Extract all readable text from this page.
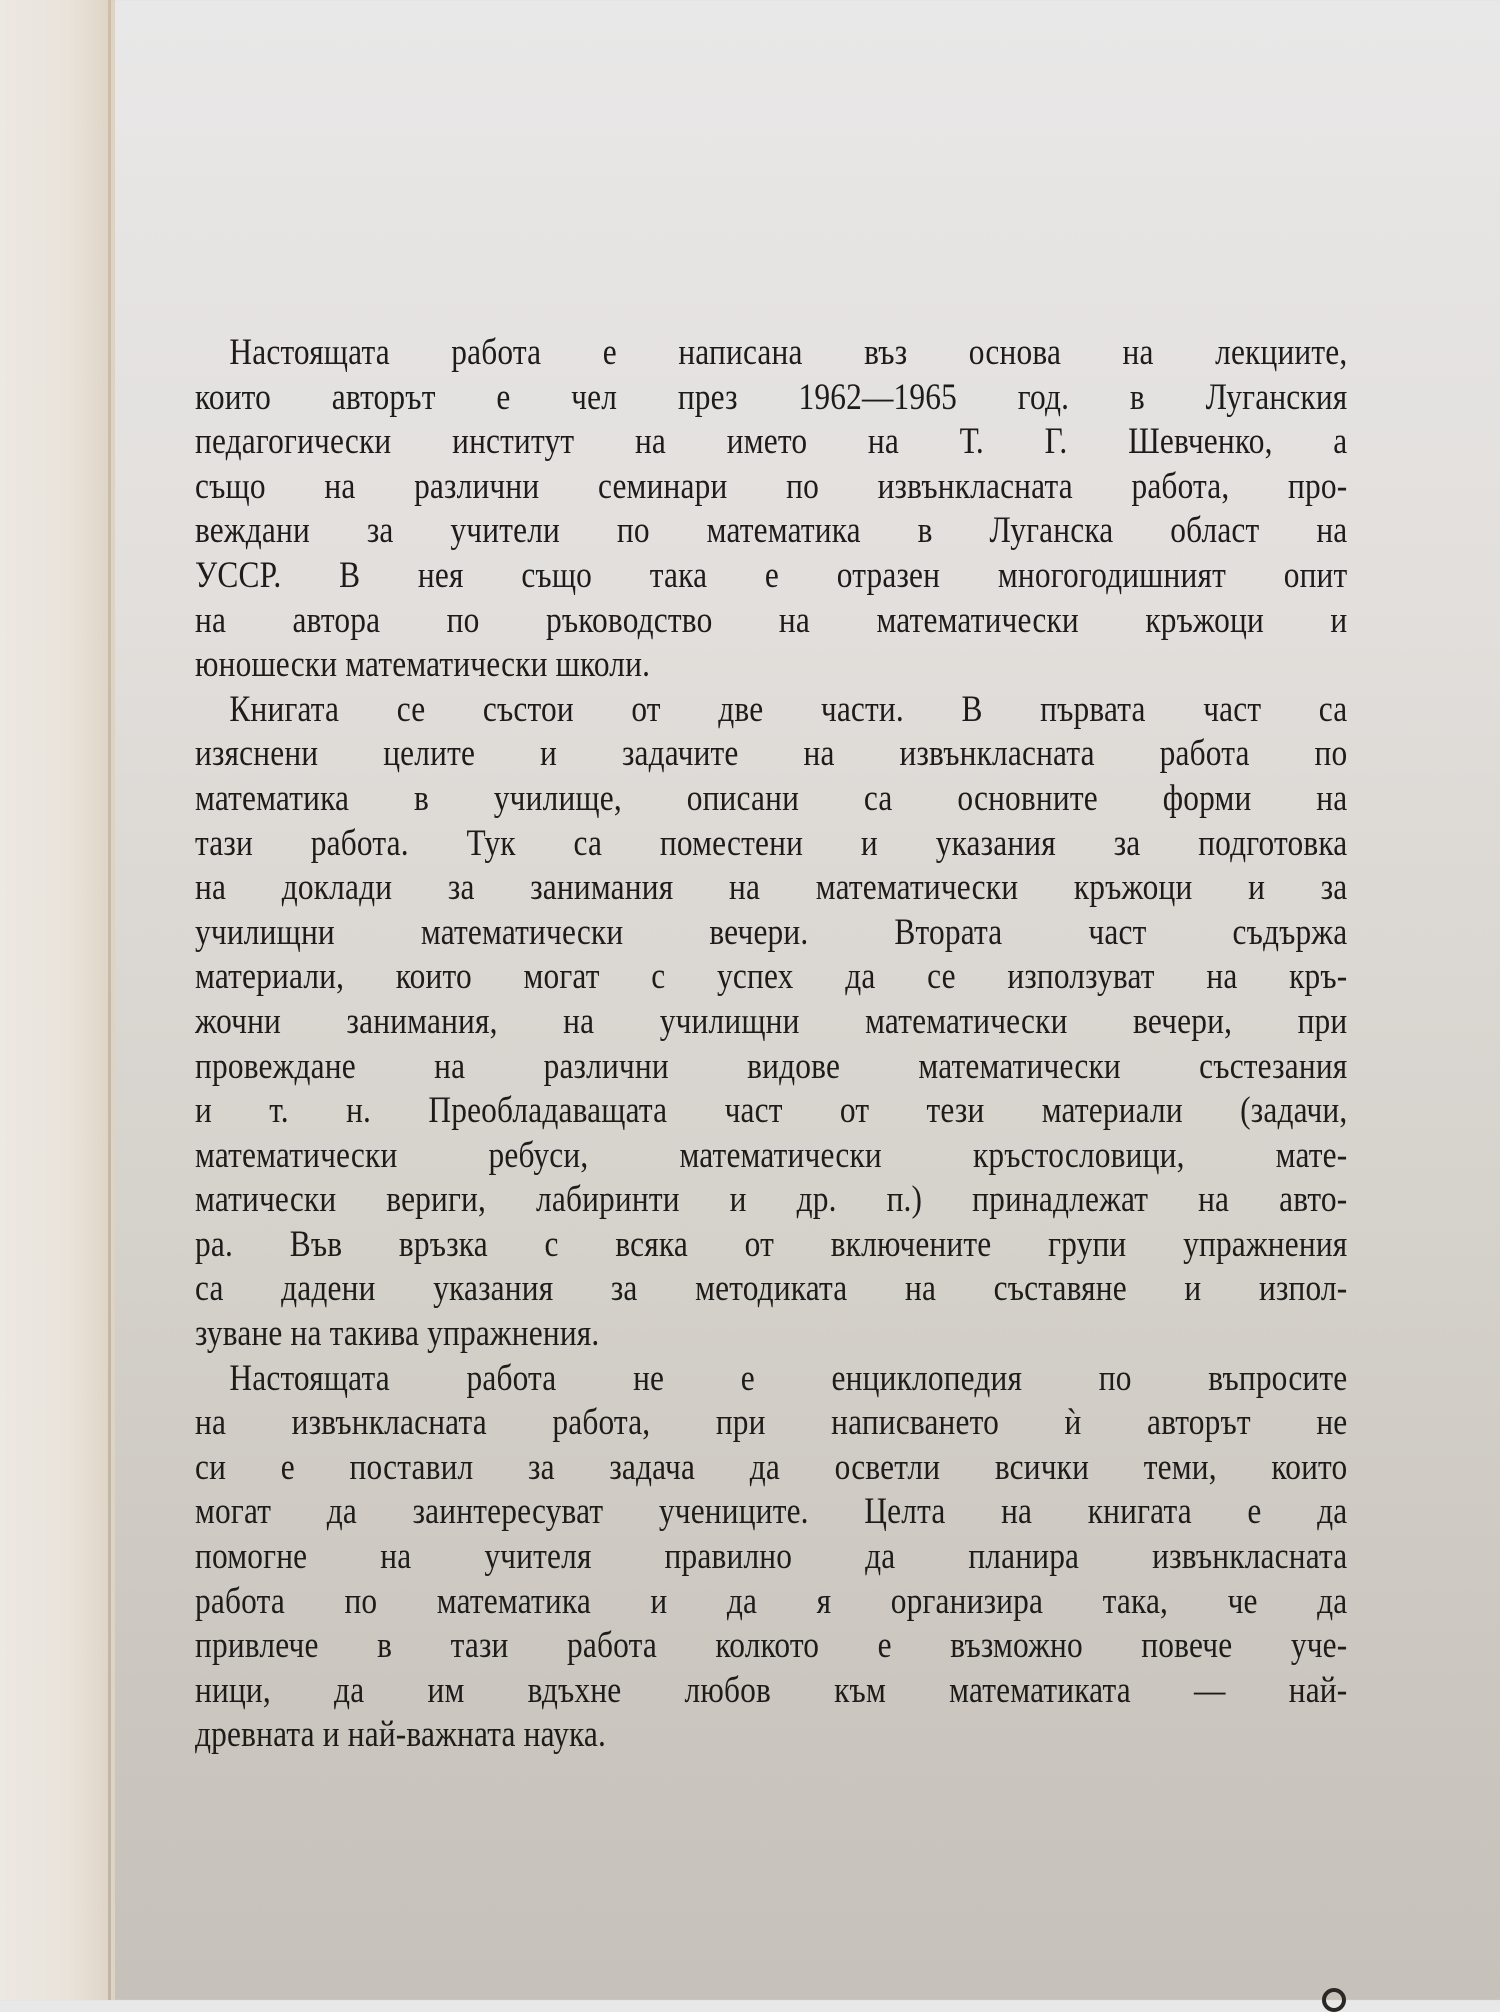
Настоящата работа е написана въз основа на лекциите,
които авторът е чел през 1962—1965 год. в Луганския
педагогически институт на името на Т. Г. Шевченко, а
също на различни семинари по извънкласната работа, про-
веждани за учители по математика в Луганска област на
УССР. В нея също така е отразен многогодишният опит
на автора по ръководство на математически кръжоци и
юношески математически школи.
Книгата се състои от две части. В първата част са
изяснени целите и задачите на извънкласната работа по
математика в училище, описани са основните форми на
тази работа. Тук са поместени и указания за подготовка
на доклади за занимания на математически кръжоци и за
училищни математически вечери. Втората част съдържа
материали, които могат с успех да се използуват на кръ-
жочни занимания, на училищни математически вечери, при
провеждане на различни видове математически състезания
и т. н. Преобладаващата част от тези материали (задачи,
математически ребуси, математически кръстословици, мате-
матически вериги, лабиринти и др. п.) принадлежат на авто-
ра. Във връзка с всяка от включените групи упражнения
са дадени указания за методиката на съставяне и изпол-
зуване на такива упражнения.
Настоящата работа не е енциклопедия по въпросите
на извънкласната работа, при написването ѝ авторът не
си е поставил за задача да осветли всички теми, които
могат да заинтересуват учениците. Целта на книгата е да
помогне на учителя правилно да планира извънкласната
работа по математика и да я организира така, че да
привлече в тази работа колкото е възможно повече уче-
ници, да им вдъхне любов към математиката — най-
древната и най-важната наука.
